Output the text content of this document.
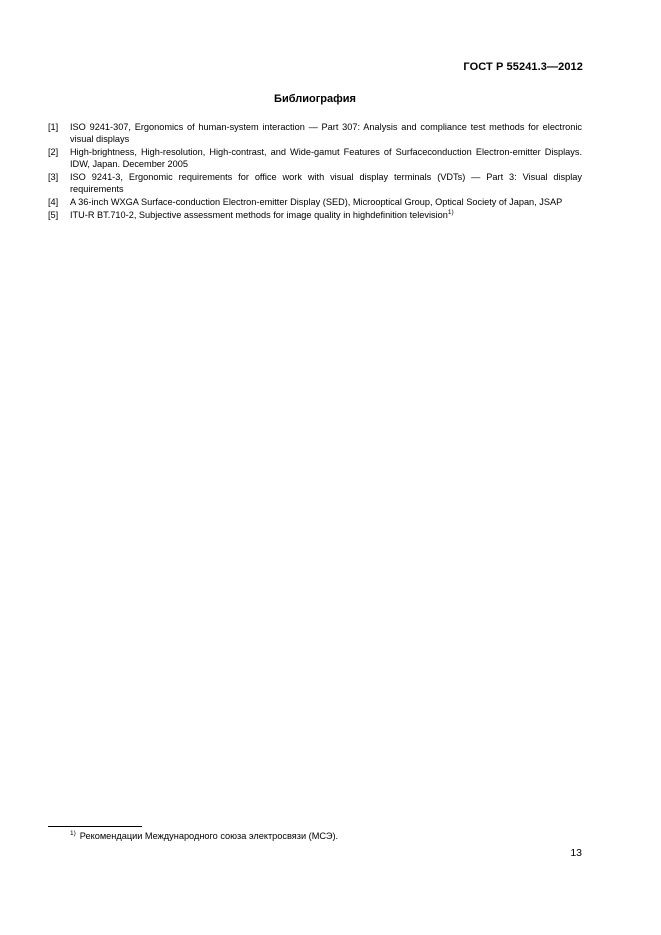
ГОСТ Р 55241.3—2012
Библиография
[1]	ISO 9241-307, Ergonomics of human-system interaction — Part 307: Analysis and compliance test methods for electronic visual displays
[2]	High-brightness, High-resolution, High-contrast, and Wide-gamut Features of Surfaceconduction Electron-emitter Displays. IDW, Japan. December 2005
[3]	ISO 9241-3, Ergonomic requirements for office work with visual display terminals (VDTs) — Part 3: Visual display requirements
[4]	A 36-inch WXGA Surface-conduction Electron-emitter Display (SED), Microoptical Group, Optical Society of Japan, JSAP
[5]	ITU-R BT.710-2, Subjective assessment methods for image quality in highdefinition television$^{1)}$
$^{1)}$ Рекомендации Международного союза электросвязи (МСЭ).
13
